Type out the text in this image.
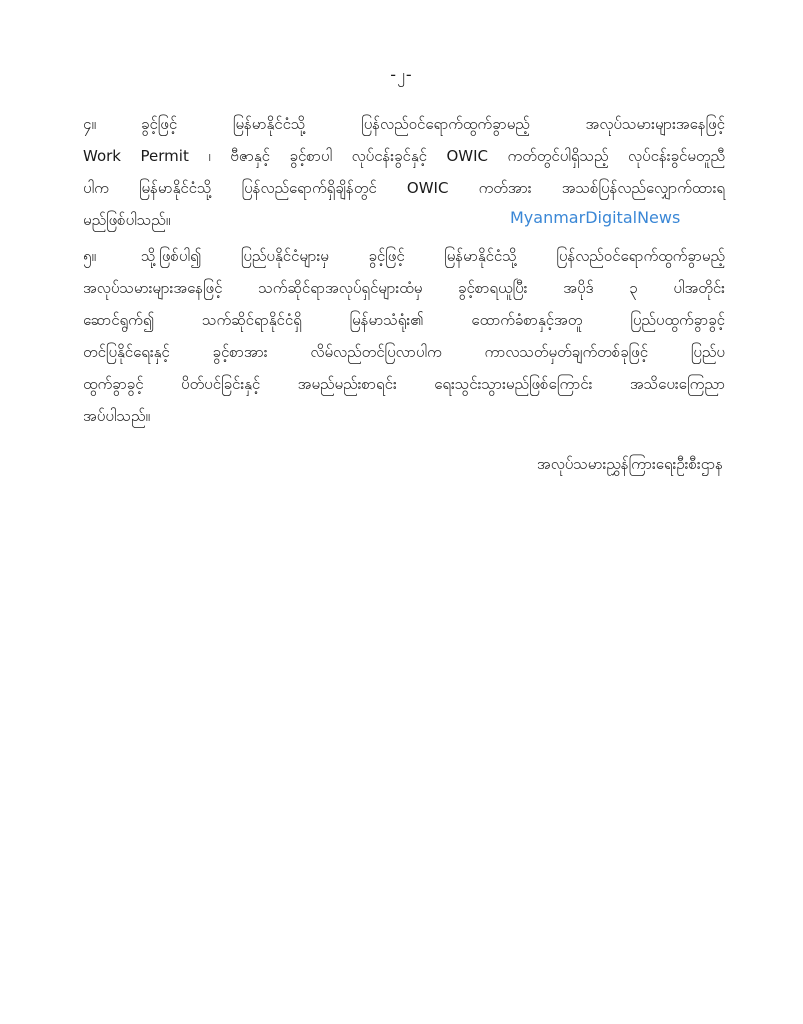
-၂-
၄။	ခွင့်ဖြင့် မြန်မာနိုင်ငံသို့ ပြန်လည်ဝင်ရောက်ထွက်ခွာမည့် အလုပ်သမားများအနေဖြင့်
Work Permit ၊ ဗီဇာနှင့် ခွင့်စာပါ လုပ်ငန်းခွင်နှင့် OWIC ကတ်တွင်ပါရှိသည့် လုပ်ငန်းခွင်မတူညီ
ပါက မြန်မာနိုင်ငံသို့ ပြန်လည်ရောက်ရှိချိန်တွင် OWIC ကတ်အား အသစ်ပြန်လည်လျှောက်ထားရ
မည်ဖြစ်ပါသည်။	MyanmarDigitalNews
၅။	သို့ဖြစ်ပါ၍ ပြည်ပနိုင်ငံများမှ ခွင့်ဖြင့် မြန်မာနိုင်ငံသို့ ပြန်လည်ဝင်ရောက်ထွက်ခွာမည့်
အလုပ်သမားများအနေဖြင့် သက်ဆိုင်ရာအလုပ်ရှင်များထံမှ ခွင့်စာရယူပြီး အပိုဒ် ၃ ပါအတိုင်း
ဆောင်ရွက်၍ သက်ဆိုင်ရာနိုင်ငံရှိ မြန်မာသံရုံး၏ ထောက်ခံစာနှင့်အတူ ပြည်ပထွက်ခွာခွင့်
တင်ပြနိုင်ရေးနှင့် ခွင့်စာအား လိမ်လည်တင်ပြလာပါက ကာလသတ်မှတ်ချက်တစ်ခုဖြင့် ပြည်ပ
ထွက်ခွာခွင့် ပိတ်ပင်ခြင်းနှင့် အမည်မည်းစာရင်း ရေးသွင်းသွားမည်ဖြစ်ကြောင်း အသိပေးကြေညာ
အပ်ပါသည်။
အလုပ်သမားညွှန်ကြားရေးဦးစီးဌာန
